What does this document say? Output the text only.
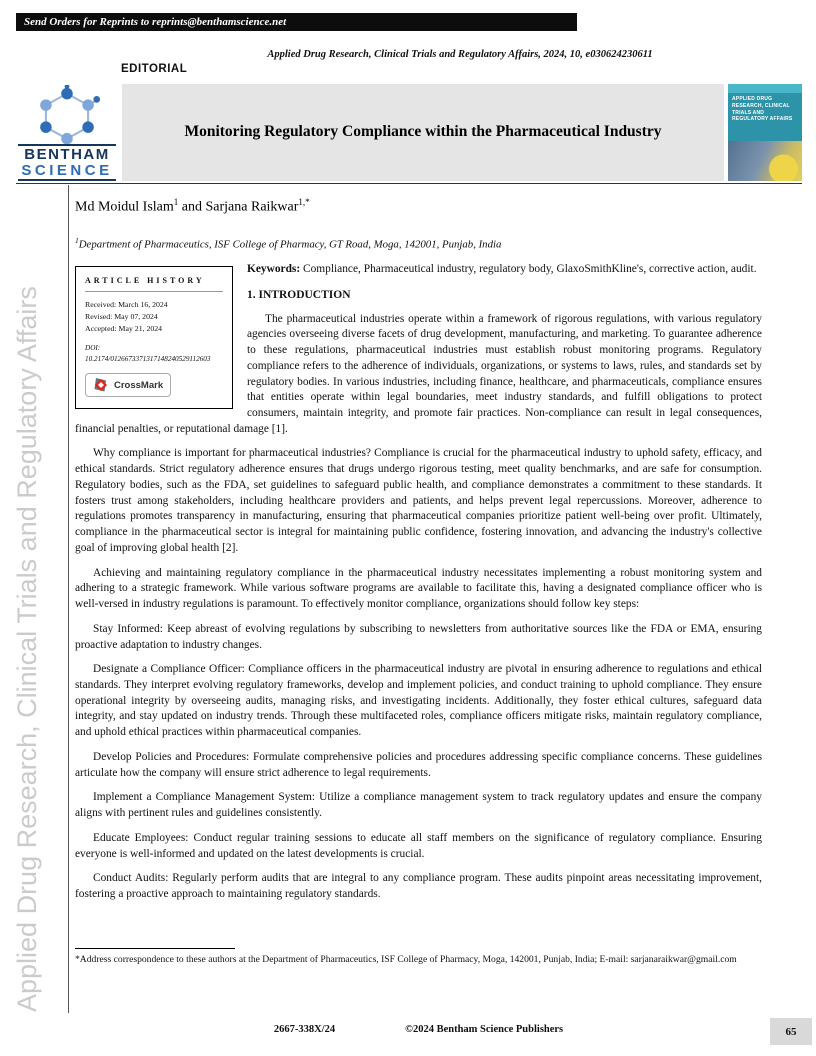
Send Orders for Reprints to reprints@benthamscience.net
Applied Drug Research, Clinical Trials and Regulatory Affairs, 2024, 10, e030624230611
EDITORIAL
BENTHAM
SCIENCE
Monitoring Regulatory Compliance within the Pharmaceutical Industry
APPLIED DRUG RESEARCH, CLINICAL TRIALS AND REGULATORY AFFAIRS
Md Moidul Islam$^1$ and Sarjana Raikwar$^{1,*}$
$^1$Department of Pharmaceutics, ISF College of Pharmacy, GT Road, Moga, 142001, Punjab, India
Applied Drug Research, Clinical Trials and Regulatory Affairs
ARTICLE HISTORY
Received: March 16, 2024
Revised: May 07, 2024
Accepted: May 21, 2024
DOI:
10.2174/0126673371317148240529112603
CrossMark

Keywords: Compliance, Pharmaceutical industry, regulatory body, GlaxoSmithKline's, corrective action, audit.

1. INTRODUCTION

The pharmaceutical industries operate within a framework of rigorous regulations, with various regulatory agencies overseeing diverse facets of drug development, manufacturing, and marketing. To guarantee adherence to these regulations, pharmaceutical industries must establish robust monitoring programs. Regulatory compliance refers to the adherence of individuals, organizations, or systems to laws, rules, and standards set by regulatory bodies. In various industries, including finance, healthcare, and pharmaceuticals, compliance ensures that entities operate within legal boundaries, meet industry standards, and fulfill obligations to protect consumers, maintain integrity, and promote fair practices. Non-compliance can result in legal consequences, financial penalties, or reputational damage [1].

Why compliance is important for pharmaceutical industries? Compliance is crucial for the pharmaceutical industry to uphold safety, efficacy, and ethical standards. Strict regulatory adherence ensures that drugs undergo rigorous testing, meet quality benchmarks, and are safe for consumption. Regulatory bodies, such as the FDA, set guidelines to safeguard public health, and compliance demonstrates a commitment to these standards. It fosters trust among stakeholders, including healthcare providers and patients, and helps prevent legal repercussions. Moreover, adherence to regulations promotes transparency in manufacturing, ensuring that pharmaceutical companies prioritize patient well-being over profit. Ultimately, compliance in the pharmaceutical sector is integral for maintaining public confidence, fostering innovation, and advancing the industry's collective goal of improving global health [2].

Achieving and maintaining regulatory compliance in the pharmaceutical industry necessitates implementing a robust monitoring system and adhering to a strategic framework. While various software programs are available to facilitate this, having a designated compliance officer who is well-versed in industry regulations is paramount. To effectively monitor compliance, organizations should follow key steps:

Stay Informed: Keep abreast of evolving regulations by subscribing to newsletters from authoritative sources like the FDA or EMA, ensuring proactive adaptation to industry changes.

Designate a Compliance Officer: Compliance officers in the pharmaceutical industry are pivotal in ensuring adherence to regulations and ethical standards. They interpret evolving regulatory frameworks, develop and implement policies, and conduct training to uphold compliance. They ensure operational integrity by overseeing audits, managing risks, and investigating incidents. Additionally, they foster ethical cultures, safeguard data integrity, and stay updated on industry trends. Through these multifaceted roles, compliance officers mitigate risks, maintain regulatory compliance, and uphold ethical practices within pharmaceutical companies.

Develop Policies and Procedures: Formulate comprehensive policies and procedures addressing specific compliance concerns. These guidelines articulate how the company will ensure strict adherence to legal requirements.

Implement a Compliance Management System: Utilize a compliance management system to track regulatory updates and ensure the company aligns with pertinent rules and guidelines consistently.

Educate Employees: Conduct regular training sessions to educate all staff members on the significance of regulatory compliance. Ensuring everyone is well-informed and updated on the latest developments is crucial.

Conduct Audits: Regularly perform audits that are integral to any compliance program. These audits pinpoint areas necessitating improvement, fostering a proactive approach to maintaining regulatory standards.

*Address correspondence to these authors at the Department of Pharmaceutics, ISF College of Pharmacy, Moga, 142001, Punjab, India; E-mail: sarjanaraikwar@gmail.com
2667-338X/24	©2024 Bentham Science Publishers	65
